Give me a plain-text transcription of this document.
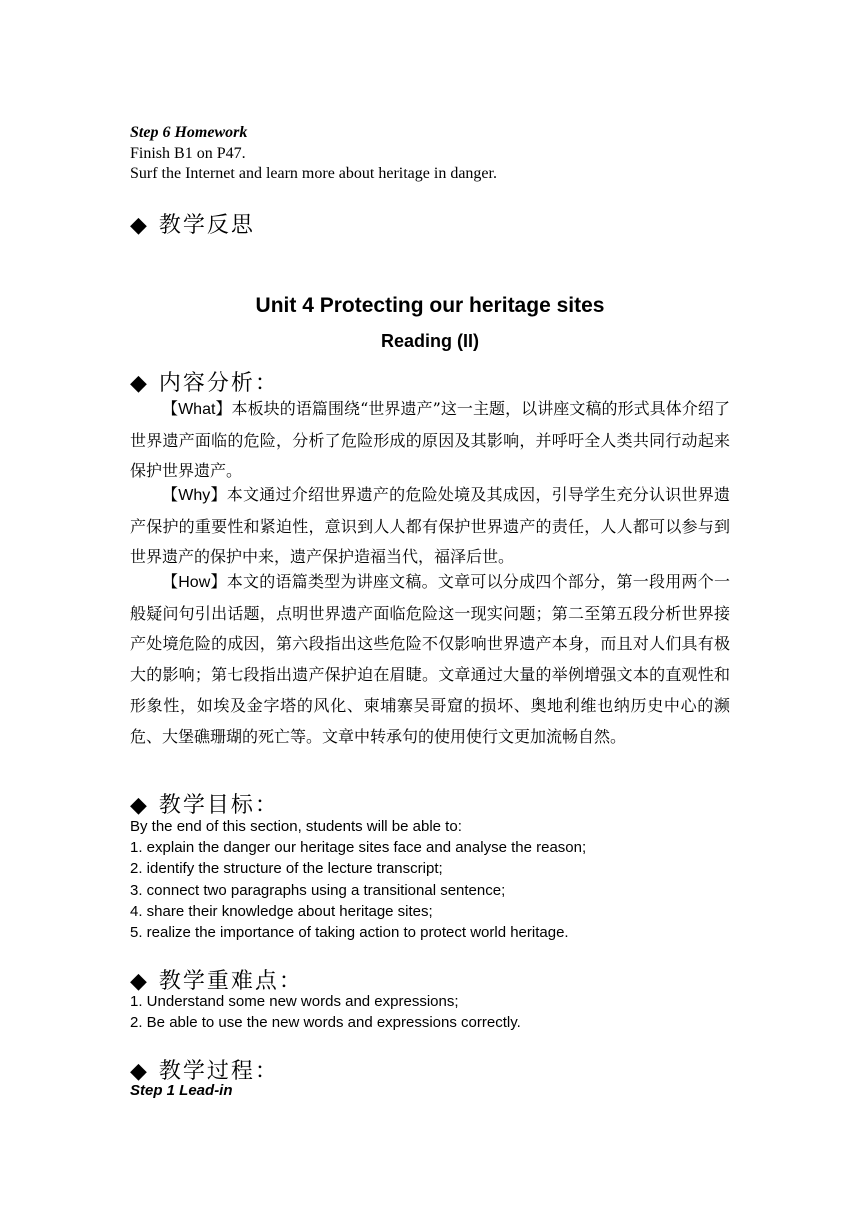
Step 6 Homework
Finish B1 on P47.
Surf the Internet and learn more about heritage in danger.
◆ 教学反思
Unit 4 Protecting our heritage sites
Reading (II)
◆ 内容分析：

【What】本板块的语篇围绕“世界遗产”这一主题，以讲座文稿的形式具体介绍了世界遗产面临的危险，分析了危险形成的原因及其影响，并呼吁全人类共同行动起来保护世界遗产。

【Why】本文通过介绍世界遗产的危险处境及其成因，引导学生充分认识世界遗产保护的重要性和紧迫性，意识到人人都有保护世界遗产的责任，人人都可以参与到世界遗产的保护中来，遗产保护造福当代，福泽后世。

【How】本文的语篇类型为讲座文稿。文章可以分成四个部分，第一段用两个一般疑问句引出话题，点明世界遗产面临危险这一现实问题；第二至第五段分析世界接产处境危险的成因，第六段指出这些危险不仅影响世界遗产本身，而且对人们具有极大的影响；第七段指出遗产保护迫在眉睫。文章通过大量的举例增强文本的直观性和形象性，如埃及金字塔的风化、柬埔寨吴哥窟的损坏、奥地利维也纳历史中心的濒危、大堡礁珊瑚的死亡等。文章中转承句的使用使行文更加流畅自然。

◆ 教学目标：
By the end of this section, students will be able to:
1. explain the danger our heritage sites face and analyse the reason;
2. identify the structure of the lecture transcript;
3. connect two paragraphs using a transitional sentence;
4. share their knowledge about heritage sites;
5. realize the importance of taking action to protect world heritage.
◆ 教学重难点：
1. Understand some new words and expressions;
2. Be able to use the new words and expressions correctly.
◆ 教学过程：
Step 1 Lead-in
